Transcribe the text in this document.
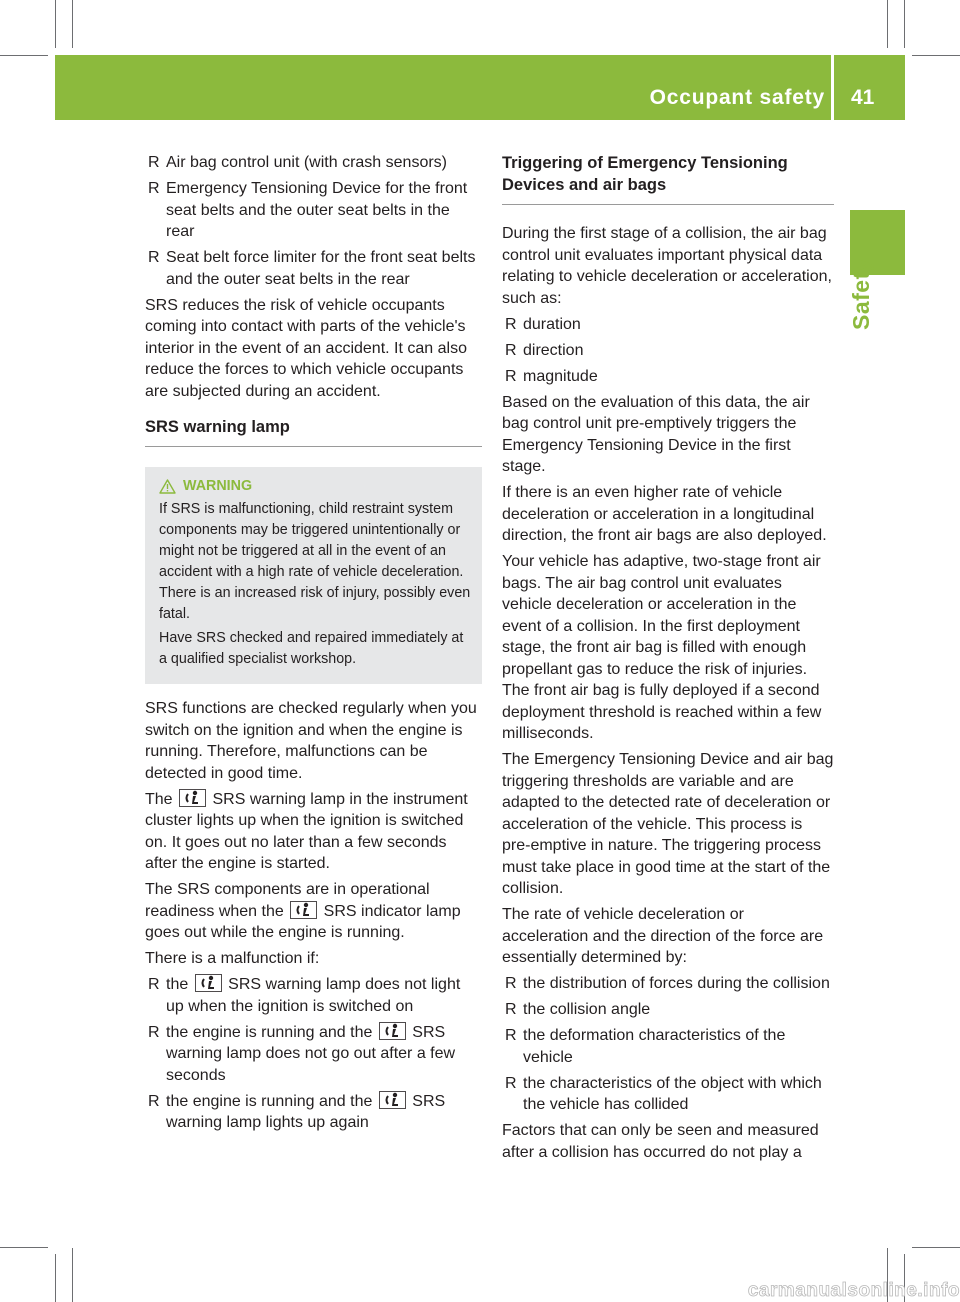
Occupant safety 41
Safety
R Air bag control unit (with crash sensors)
R Emergency Tensioning Device for the front seat belts and the outer seat belts in the rear
R Seat belt force limiter for the front seat belts and the outer seat belts in the rear

SRS reduces the risk of vehicle occupants coming into contact with parts of the vehicle's interior in the event of an accident. It can also reduce the forces to which vehicle occupants are subjected during an accident.

SRS warning lamp
WARNING

If SRS is malfunctioning, child restraint system components may be triggered unintentionally or might not be triggered at all in the event of an accident with a high rate of vehicle deceleration. There is an increased risk of injury, possibly even fatal.

Have SRS checked and repaired immediately at a qualified specialist workshop.

SRS functions are checked regularly when you switch on the ignition and when the engine is running. Therefore, malfunctions can be detected in good time.

The SRS warning lamp in the instrument cluster lights up when the ignition is switched on. It goes out no later than a few seconds after the engine is started.

The SRS components are in operational readiness when the SRS indicator lamp goes out while the engine is running.

There is a malfunction if:

R the SRS warning lamp does not light up when the ignition is switched on
R the engine is running and the SRS warning lamp does not go out after a few seconds
R the engine is running and the SRS warning lamp lights up again
Triggering of Emergency Tensioning Devices and air bags

During the first stage of a collision, the air bag control unit evaluates important physical data relating to vehicle deceleration or acceleration, such as:

R duration
R direction
R magnitude

Based on the evaluation of this data, the air bag control unit pre-emptively triggers the Emergency Tensioning Device in the first stage.

If there is an even higher rate of vehicle deceleration or acceleration in a longitudinal direction, the front air bags are also deployed.

Your vehicle has adaptive, two-stage front air bags. The air bag control unit evaluates vehicle deceleration or acceleration in the event of a collision. In the first deployment stage, the front air bag is filled with enough propellant gas to reduce the risk of injuries. The front air bag is fully deployed if a second deployment threshold is reached within a few milliseconds.

The Emergency Tensioning Device and air bag triggering thresholds are variable and are adapted to the detected rate of deceleration or acceleration of the vehicle. This process is pre-emptive in nature. The triggering process must take place in good time at the start of the collision.

The rate of vehicle deceleration or acceleration and the direction of the force are essentially determined by:

R the distribution of forces during the collision
R the collision angle
R the deformation characteristics of the vehicle
R the characteristics of the object with which the vehicle has collided

Factors that can only be seen and measured after a collision has occurred do not play a

carmanualsonline.info
